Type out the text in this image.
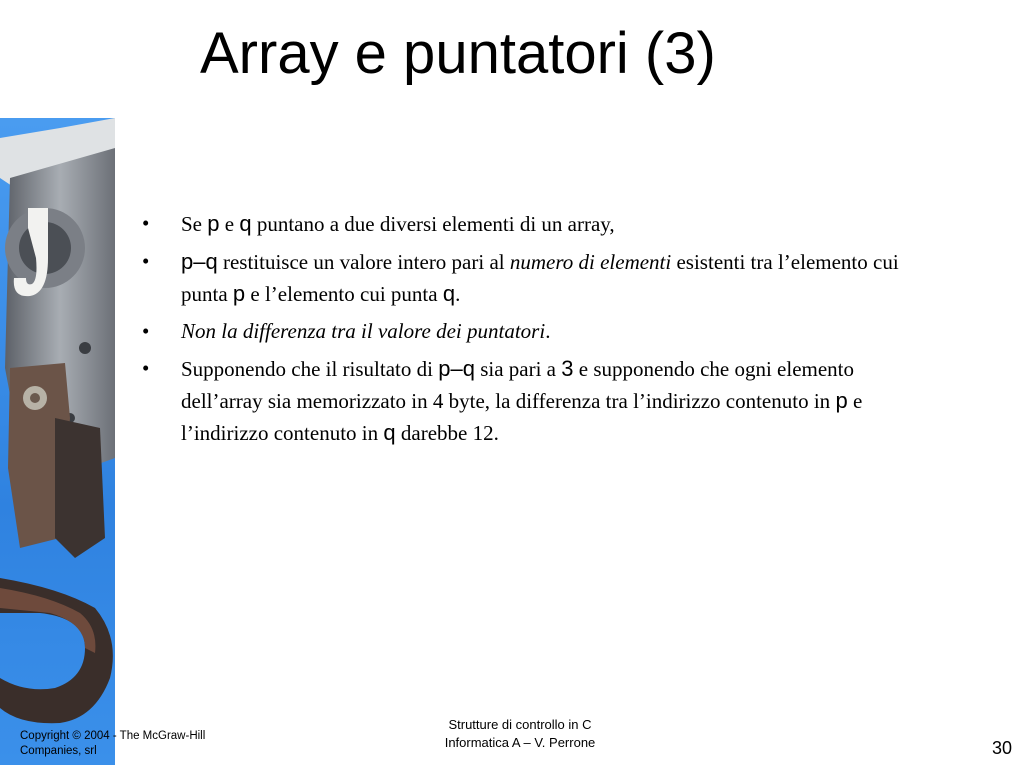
Array e puntatori (3)
• Se p e q puntano a due diversi elementi di un array,
• p–q restituisce un valore intero pari al numero di elementi esistenti tra l’elemento cui punta p e l’elemento cui punta q.
• Non la differenza tra il valore dei puntatori.
• Supponendo che il risultato di p–q sia pari a 3 e supponendo che ogni elemento dell’array sia memorizzato in 4 byte, la differenza tra l’indirizzo contenuto in p e l’indirizzo contenuto in q darebbe 12.
Copyright © 2004 - The McGraw-Hill
Companies, srl
Strutture di controllo in C
Informatica A – V. Perrone	30
